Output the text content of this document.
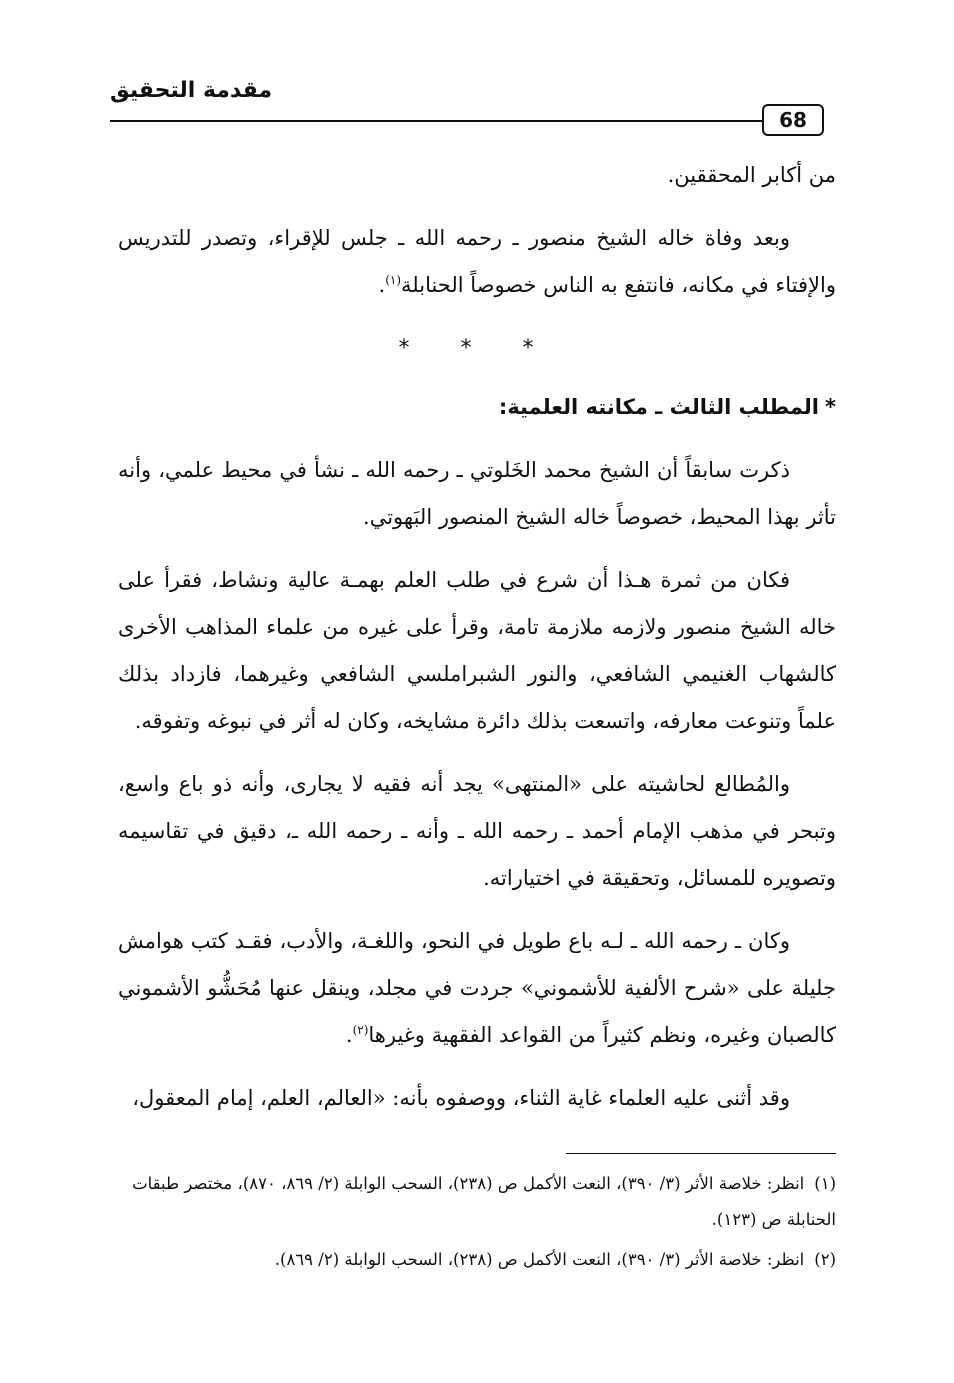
مقدمة التحقيق
68

من أكابر المحققين.

وبعد وفاة خاله الشيخ منصور ـ رحمه الله ـ جلس للإقراء، وتصدر للتدريس والإفتاء في مكانه، فانتفع به الناس خصوصاً الحنابلة$^{(١)}$.

* * *

*المطلب الثالث ـ مكانته العلمية:

ذكرت سابقاً أن الشيخ محمد الخَلوتي ـ رحمه الله ـ نشأ في محيط علمي، وأنه تأثر بهذا المحيط، خصوصاً خاله الشيخ المنصور البَهوتي.

فكان من ثمرة هـذا أن شرع في طلب العلم بهمـة عالية ونشاط، فقرأ على خاله الشيخ منصور ولازمه ملازمة تامة، وقرأ على غيره من علماء المذاهب الأخرى كالشهاب الغنيمي الشافعي، والنور الشبراملسي الشافعي وغيرهما، فازداد بذلك علماً وتنوعت معارفه، واتسعت بذلك دائرة مشايخه، وكان له أثر في نبوغه وتفوقه.

والمُطالع لحاشيته على «المنتهى» يجد أنه فقيه لا يجارى، وأنه ذو باع واسع، وتبحر في مذهب الإمام أحمد ـ رحمه الله ـ وأنه ـ رحمه الله ـ، دقيق في تقاسيمه وتصويره للمسائل، وتحقيقة في اختياراته.

وكان ـ رحمه الله ـ لـه باع طويل في النحو، واللغـة، والأدب، فقـد كتب هوامش جليلة على «شرح الألفية للأشموني» جردت في مجلد، وينقل عنها مُحَشُّو الأشموني كالصبان وغيره، ونظم كثيراً من القواعد الفقهية وغيرها$^{(٢)}$.

وقد أثنى عليه العلماء غاية الثناء، ووصفوه بأنه: «العالم، العلم، إمام المعقول،

(١)انظر: خلاصة الأثر (٣/ ٣٩٠)، النعت الأكمل ص (٢٣٨)، السحب الوابلة (٢/ ٨٦٩، ٨٧٠)، مختصر طبقات الحنابلة ص (١٢٣).

(٢)انظر: خلاصة الأثر (٣/ ٣٩٠)، النعت الأكمل ص (٢٣٨)، السحب الوابلة (٢/ ٨٦٩).
